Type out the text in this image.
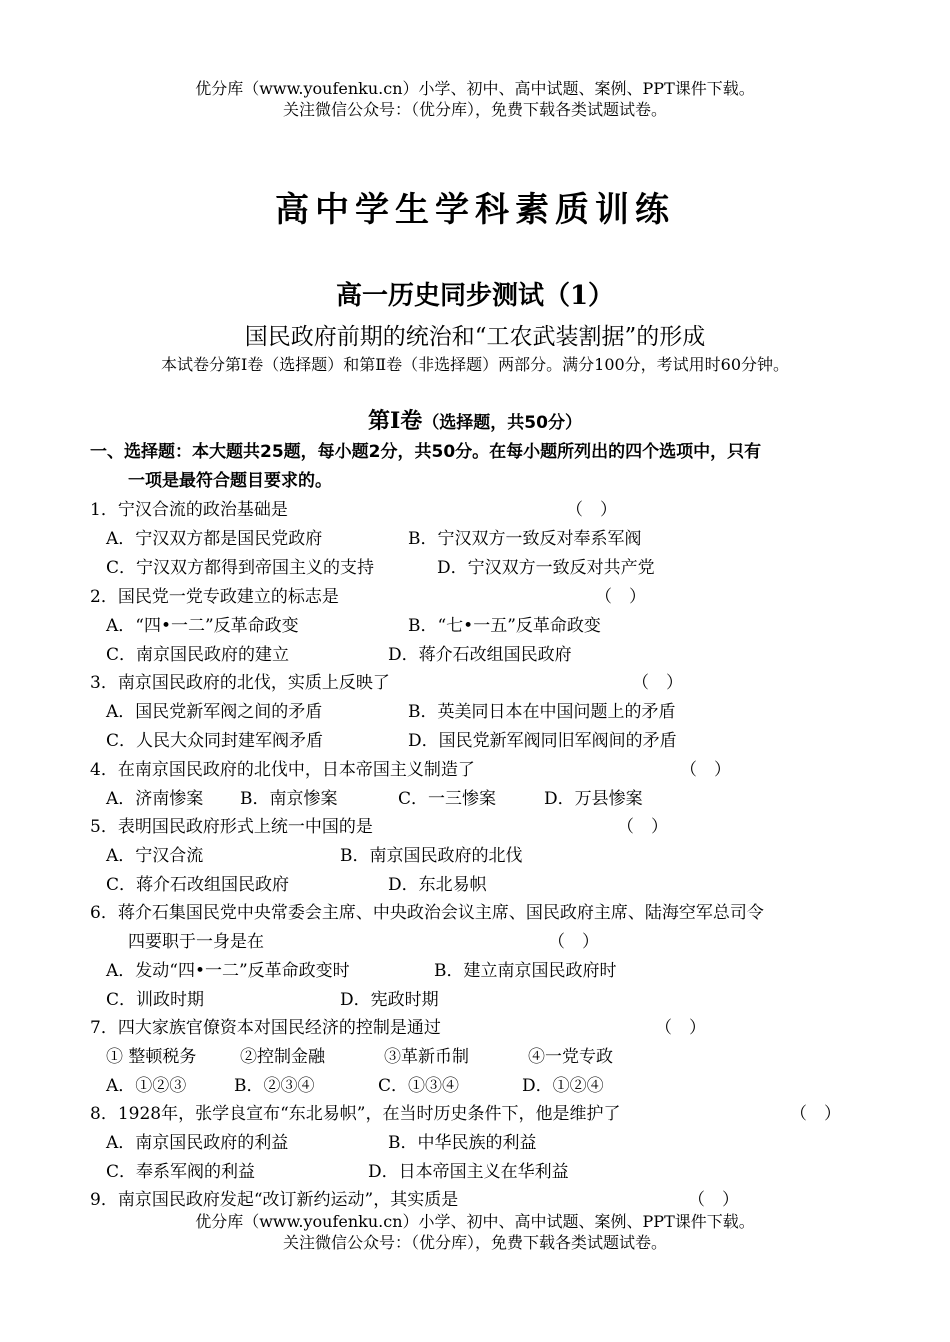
优分库（www.youfenku.cn）小学、初中、高中试题、案例、PPT课件下载。
关注微信公众号：（优分库），免费下载各类试题试卷。
高中学生学科素质训练
高一历史同步测试（1）
国民政府前期的统治和“工农武装割据”的形成
本试卷分第Ⅰ卷（选择题）和第Ⅱ卷（非选择题）两部分。满分100分，考试用时60分钟。
第Ⅰ卷（选择题，共50分）
一、选择题：本大题共25题，每小题2分，共50分。在每小题所列出的四个选项中，只有
一项是最符合题目要求的。
1．宁汉合流的政治基础是	（　）
A．宁汉双方都是国民党政府	B．宁汉双方一致反对奉系军阀
C．宁汉双方都得到帝国主义的支持	D．宁汉双方一致反对共产党
2．国民党一党专政建立的标志是	（　）
A．“四•一二”反革命政变	B．“七•一五”反革命政变
C．南京国民政府的建立	D．蒋介石改组国民政府
3．南京国民政府的北伐，实质上反映了	（　）
A．国民党新军阀之间的矛盾	B．英美同日本在中国问题上的矛盾
C．人民大众同封建军阀矛盾	D．国民党新军阀同旧军阀间的矛盾
4．在南京国民政府的北伐中，日本帝国主义制造了	（　）
A．济南惨案 B．南京惨案	C．一三惨案	D．万县惨案
5．表明国民政府形式上统一中国的是	（　）
A．宁汉合流	B．南京国民政府的北伐
C．蒋介石改组国民政府	D．东北易帜
6．蒋介石集国民党中央常委会主席、中央政治会议主席、国民政府主席、陆海空军总司令
四要职于一身是在	（　）
A．发动“四•一二”反革命政变时	B．建立南京国民政府时
C．训政时期	D．宪政时期
7．四大家族官僚资本对国民经济的控制是通过	（　）
① 整顿税务	②控制金融	③革新币制	④一党专政
A．①②③	B．②③④	C．①③④	D．①②④
8．1928年，张学良宣布“东北易帜”，在当时历史条件下，他是维护了	（　）
A．南京国民政府的利益	B．中华民族的利益
C．奉系军阀的利益	D．日本帝国主义在华利益
9．南京国民政府发起“改订新约运动”，其实质是	（　）
优分库（www.youfenku.cn）小学、初中、高中试题、案例、PPT课件下载。
关注微信公众号：（优分库），免费下载各类试题试卷。
